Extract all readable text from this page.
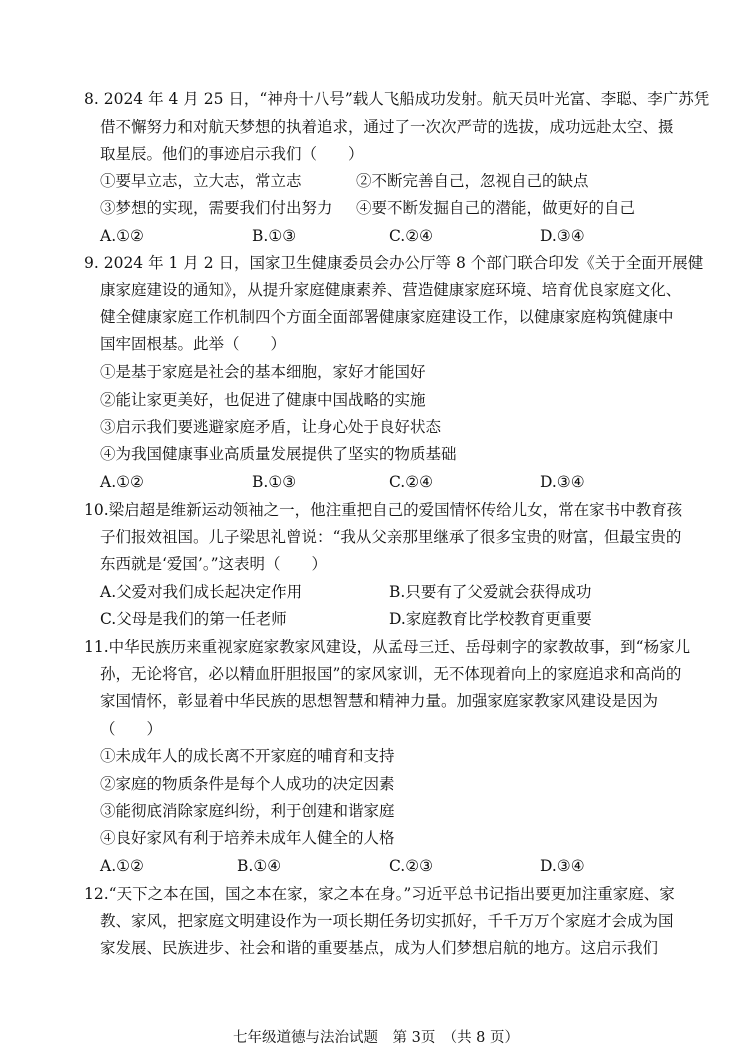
8. 2024 年 4 月 25 日，“神舟十八号”载人飞船成功发射。航天员叶光富、李聪、李广苏凭
借不懈努力和对航天梦想的执着追求，通过了一次次严苛的选拔，成功远赴太空、摄
取星辰。他们的事迹启示我们（　　）
①要早立志，立大志，常立志	②不断完善自己，忽视自己的缺点
③梦想的实现，需要我们付出努力 ④要不断发掘自己的潜能，做更好的自己
A.①②	B.①③	C.②④	D.③④
9. 2024 年 1 月 2 日，国家卫生健康委员会办公厅等 8 个部门联合印发《关于全面开展健
康家庭建设的通知》，从提升家庭健康素养、营造健康家庭环境、培育优良家庭文化、
健全健康家庭工作机制四个方面全面部署健康家庭建设工作，以健康家庭构筑健康中
国牢固根基。此举（　　）
①是基于家庭是社会的基本细胞，家好才能国好
②能让家更美好，也促进了健康中国战略的实施
③启示我们要逃避家庭矛盾，让身心处于良好状态
④为我国健康事业高质量发展提供了坚实的物质基础
A.①②	B.①③	C.②④	D.③④
10.梁启超是维新运动领袖之一，他注重把自己的爱国情怀传给儿女，常在家书中教育孩
子们报效祖国。儿子梁思礼曾说：“我从父亲那里继承了很多宝贵的财富，但最宝贵的
东西就是‘爱国’。”这表明（　　）
A.父爱对我们成长起决定作用	B.只要有了父爱就会获得成功
C.父母是我们的第一任老师	D.家庭教育比学校教育更重要
11.中华民族历来重视家庭家教家风建设，从孟母三迁、岳母刺字的家教故事，到“杨家儿
孙，无论将官，必以精血肝胆报国”的家风家训，无不体现着向上的家庭追求和高尚的
家国情怀，彰显着中华民族的思想智慧和精神力量。加强家庭家教家风建设是因为
（　　）
①未成年人的成长离不开家庭的哺育和支持
②家庭的物质条件是每个人成功的决定因素
③能彻底消除家庭纠纷，利于创建和谐家庭
④良好家风有利于培养未成年人健全的人格
A.①②	B.①④	C.②③	D.③④
12.“天下之本在国，国之本在家，家之本在身。”习近平总书记指出要更加注重家庭、家
教、家风，把家庭文明建设作为一项长期任务切实抓好，千千万万个家庭才会成为国
家发展、民族进步、社会和谐的重要基点，成为人们梦想启航的地方。这启示我们
七年级道德与法治试题　第 3页　（共 8 页）
